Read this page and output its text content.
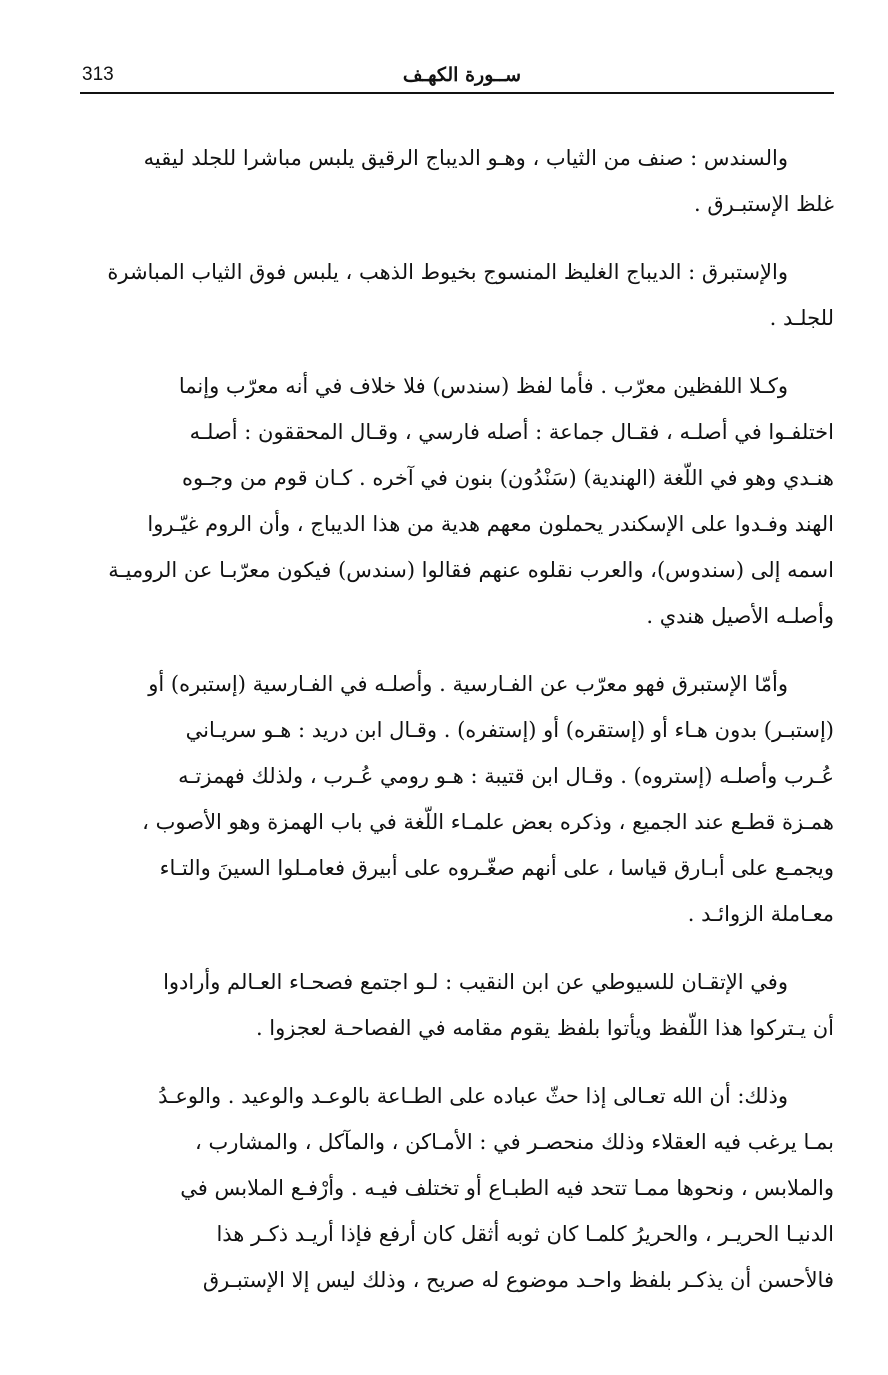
313	ســورة الكهـف

والسندس : صنف من الثياب ، وهـو الديباج الرقيق يلبس مباشرا للجلد ليقيه
غلظ الإستبـرق .

والإستبرق : الديباج الغليظ المنسوج بخيوط الذهب ، يلبس فوق الثياب المباشرة
للجلـد .

وكـلا اللفظين معرّب . فأما لفظ (سندس) فلا خلاف في أنه معرّب وإنما
اختلفـوا في أصلـه ، فقـال جماعة : أصله فارسي ، وقـال المحققون : أصلـه
هنـدي وهو في اللّغة (الهندية) (سَنْدُون) بنون في آخره . كـان قوم من وجـوه
الهند وفـدوا على الإسكندر يحملون معهم هدية من هذا الديباج ، وأن الروم غيّـروا
اسمه إلى (سندوس)، والعرب نقلوه عنهم فقالوا (سندس) فيكون معرّبـا عن الروميـة
وأصلـه الأصيل هندي .

وأمّا الإستبرق فهو معرّب عن الفـارسية . وأصلـه في الفـارسية (إستبره) أو
(إستبـر) بدون هـاء أو (إستقره) أو (إستفره) . وقـال ابن دريد : هـو سريـاني
عُـرب وأصلـه (إستروه) . وقـال ابن قتيبة : هـو رومي عُـرب ، ولذلك فهمزتـه
همـزة قطـع عند الجميع ، وذكره بعض علمـاء اللّغة في باب الهمزة وهو الأصوب ،
ويجمـع على أبـارق قياسا ، على أنهم صغّـروه على أبيرق فعامـلوا السينَ والتـاء
معـاملة الزوائـد .

وفي الإتقـان للسيوطي عن ابن النقيب : لـو اجتمع فصحـاء العـالم وأرادوا
أن يـتركوا هذا اللّفظ ويأتوا بلفظ يقوم مقامه في الفصاحـة لعجزوا .

وذلك: أن الله تعـالى إذا حثّ عباده على الطـاعة بالوعـد والوعيد . والوعـدُ
بمـا يرغب فيه العقلاء وذلك منحصـر في : الأمـاكن ، والمآكل ، والمشارب ،
والملابس ، ونحوها ممـا تتحد فيه الطبـاع أو تختلف فيـه . وأرْفـع الملابس في
الدنيـا الحريـر ، والحريرُ كلمـا كان ثوبه أثقل كان أرفع فإذا أريـد ذكـر هذا
فالأحسن أن يذكـر بلفظ واحـد موضوع له صريح ، وذلك ليس إلا الإستبـرق
